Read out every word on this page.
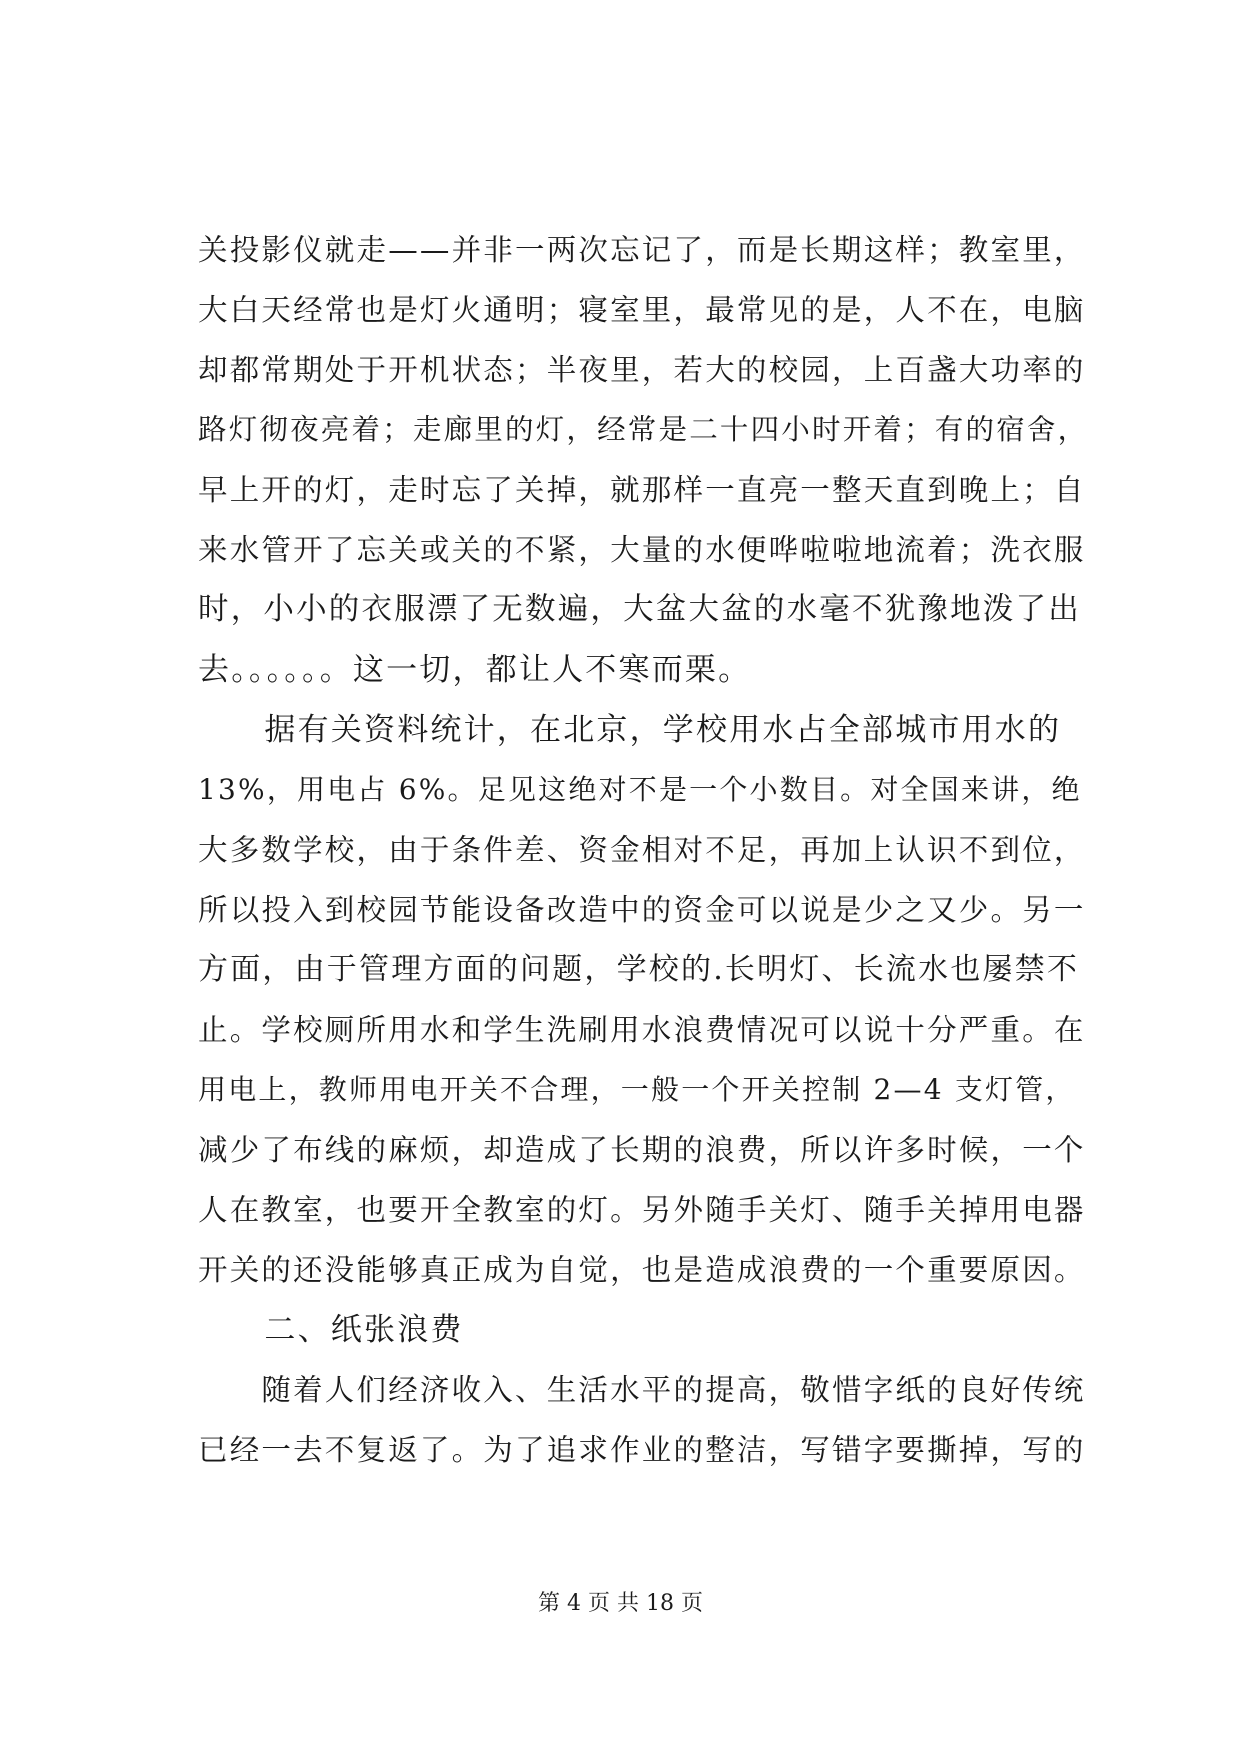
关投影仪就走——并非一两次忘记了，而是长期这样；教室里，
大白天经常也是灯火通明；寝室里，最常见的是，人不在，电脑
却都常期处于开机状态；半夜里，若大的校园，上百盏大功率的
路灯彻夜亮着；走廊里的灯，经常是二十四小时开着；有的宿舍，
早上开的灯，走时忘了关掉，就那样一直亮一整天直到晚上；自
来水管开了忘关或关的不紧，大量的水便哗啦啦地流着；洗衣服
时，小小的衣服漂了无数遍，大盆大盆的水毫不犹豫地泼了出
去。。。。。。这一切，都让人不寒而栗。
　　据有关资料统计，在北京，学校用水占全部城市用水的
13%，用电占 6%。足见这绝对不是一个小数目。对全国来讲，绝
大多数学校，由于条件差、资金相对不足，再加上认识不到位，
所以投入到校园节能设备改造中的资金可以说是少之又少。另一
方面，由于管理方面的问题，学校的.长明灯、长流水也屡禁不
止。学校厕所用水和学生洗刷用水浪费情况可以说十分严重。在
用电上，教师用电开关不合理，一般一个开关控制 2—4 支灯管，
减少了布线的麻烦，却造成了长期的浪费，所以许多时候，一个
人在教室，也要开全教室的灯。另外随手关灯、随手关掉用电器
开关的还没能够真正成为自觉，也是造成浪费的一个重要原因。
　　二、纸张浪费
　　随着人们经济收入、生活水平的提高，敬惜字纸的良好传统
已经一去不复返了。为了追求作业的整洁，写错字要撕掉，写的
第 4 页 共 18 页
